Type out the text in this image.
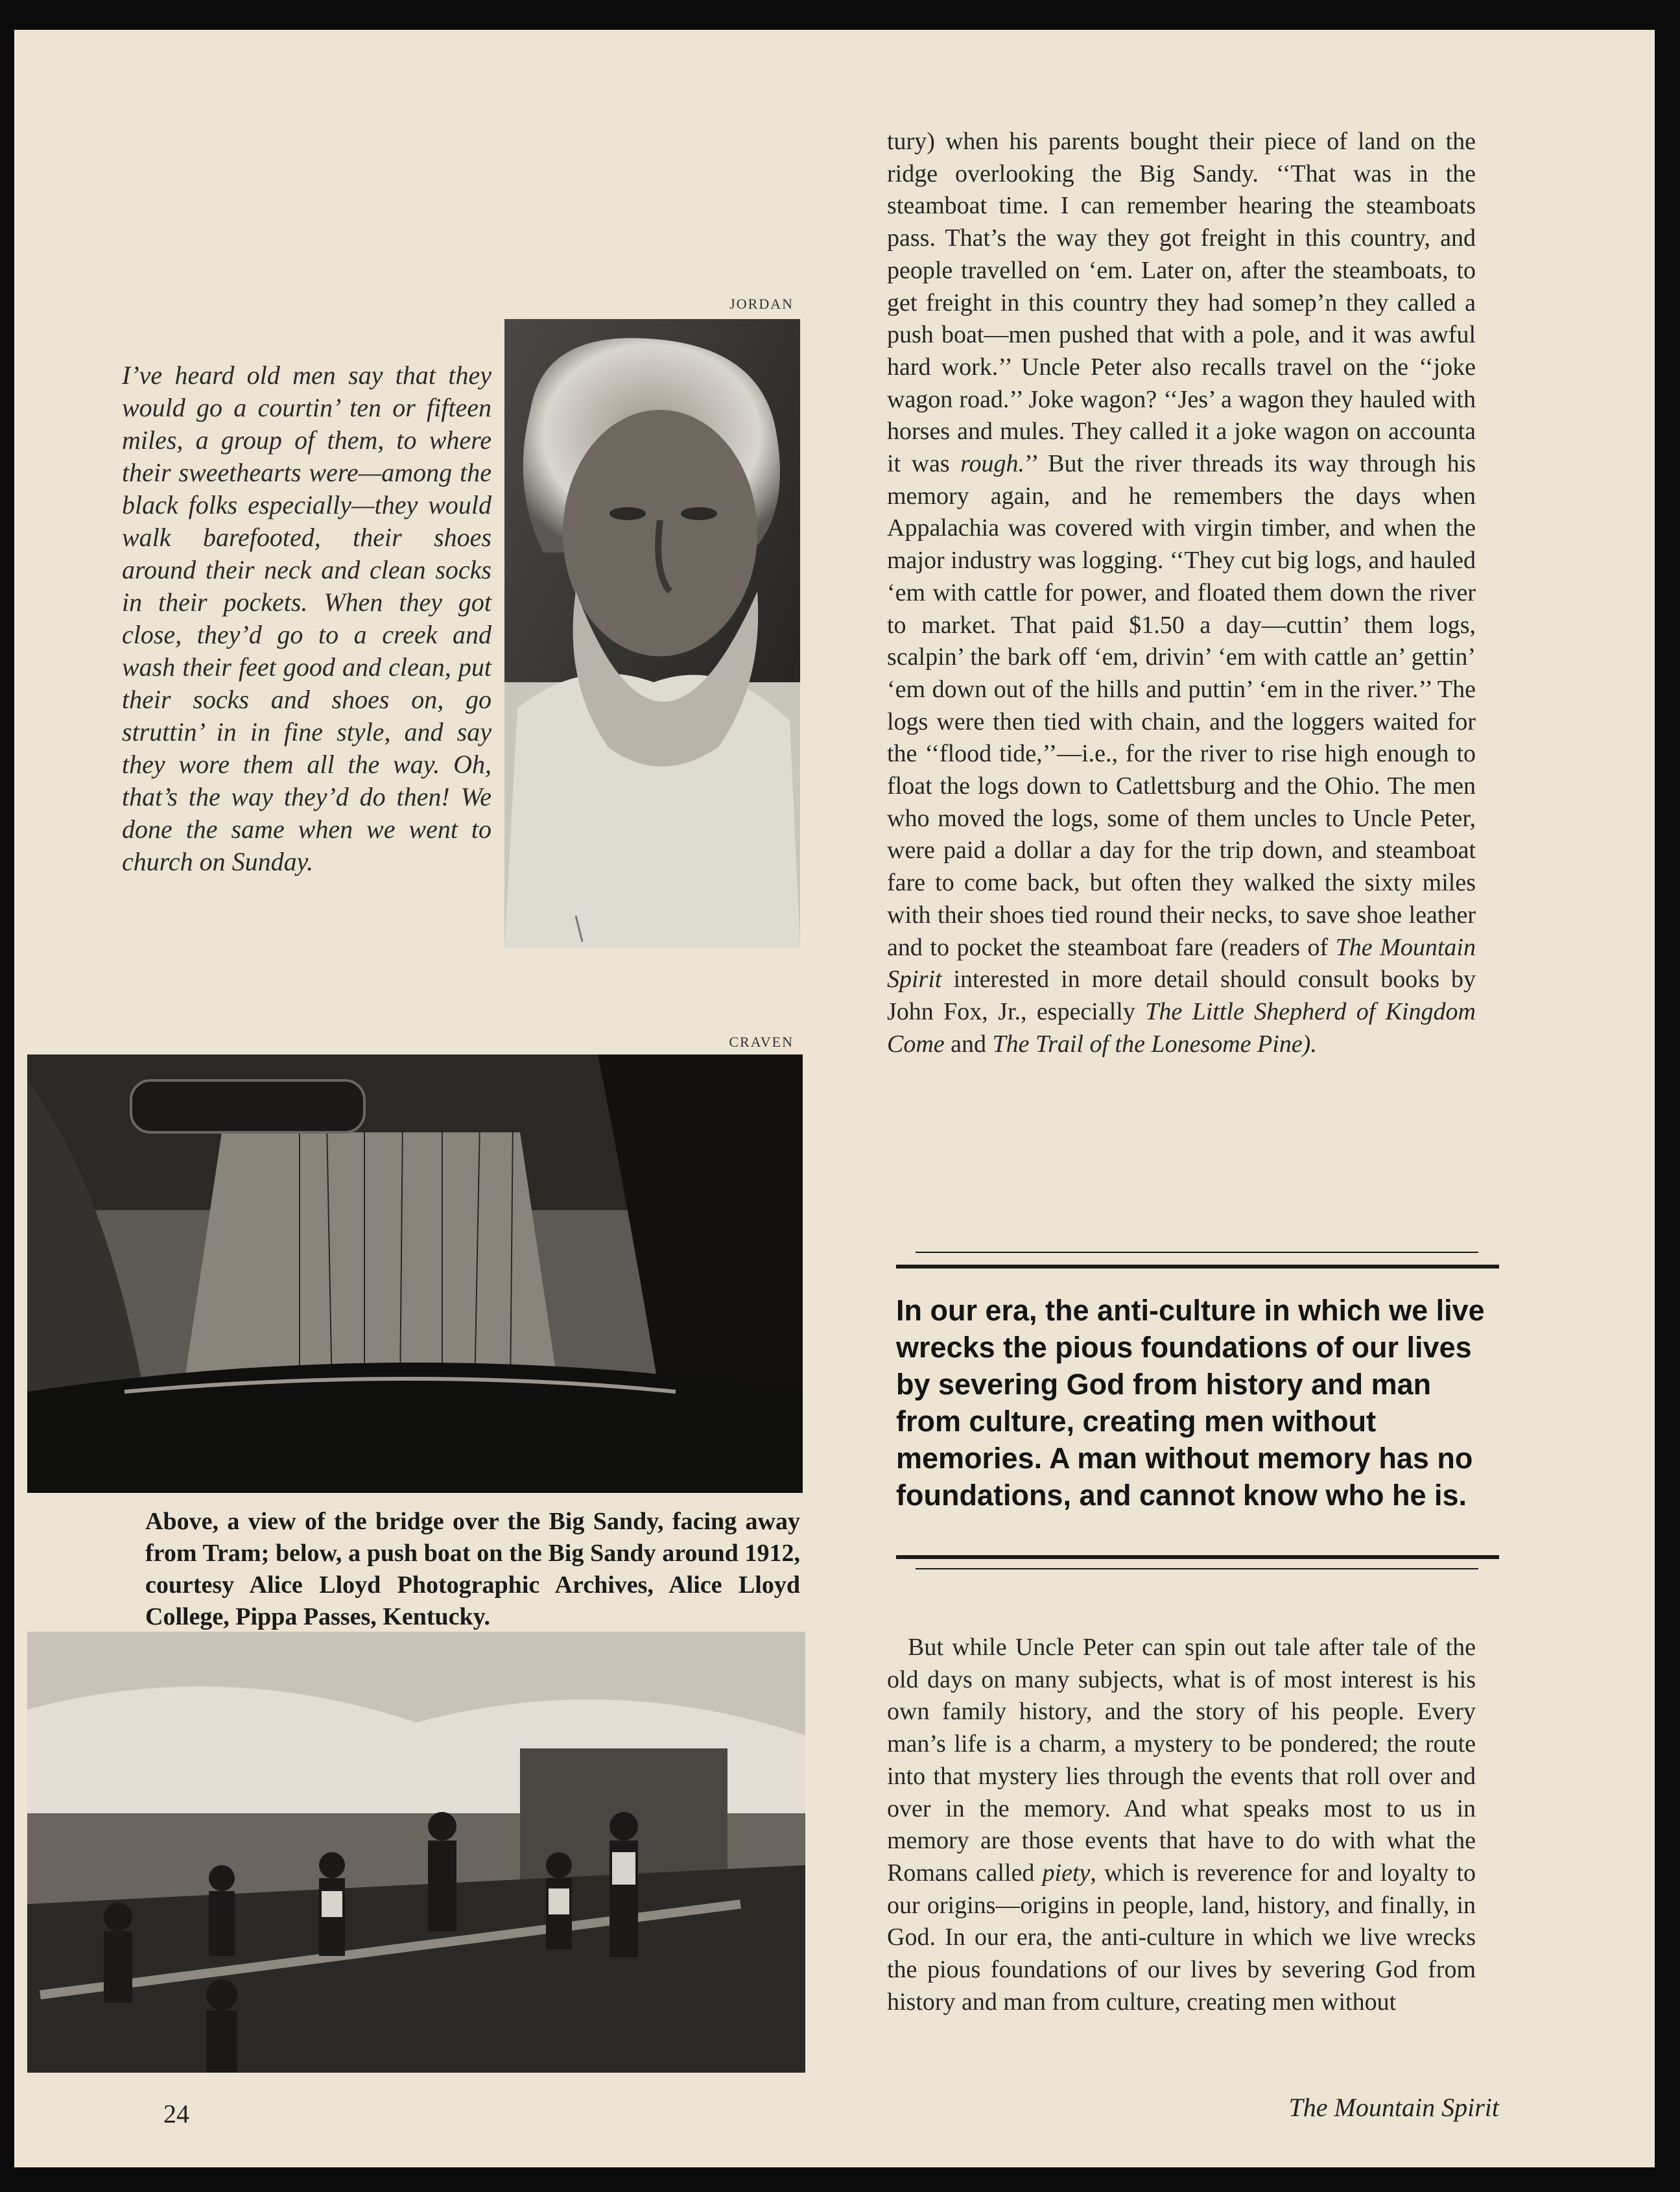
JORDAN

I’ve heard old men say that they would go a courtin’ ten or fifteen miles, a group of them, to where their sweethearts were—among the black folks especially—they would walk barefooted, their shoes around their neck and clean socks in their pockets. When they got close, they’d go to a creek and wash their feet good and clean, put their socks and shoes on, go struttin’ in in fine style, and say they wore them all the way. Oh, that’s the way they’d do then! We done the same when we went to church on Sunday.

CRAVEN

Above, a view of the bridge over the Big Sandy, facing away from Tram; below, a push boat on the Big Sandy around 1912, courtesy Alice Lloyd Photographic Archives, Alice Lloyd College, Pippa Passes, Kentucky.

tury) when his parents bought their piece of land on the ridge overlooking the Big Sandy. ‘‘That was in the steamboat time. I can remember hearing the steamboats pass. That’s the way they got freight in this country, and people travelled on ‘em. Later on, after the steamboats, to get freight in this country they had somep’n they called a push boat—men pushed that with a pole, and it was awful hard work.’’ Uncle Peter also recalls travel on the ‘‘joke wagon road.’’ Joke wagon? ‘‘Jes’ a wagon they hauled with horses and mules. They called it a joke wagon on accounta it was rough.’’ But the river threads its way through his memory again, and he remembers the days when Appalachia was covered with virgin timber, and when the major industry was logging. ‘‘They cut big logs, and hauled ‘em with cattle for power, and floated them down the river to market. That paid $1.50 a day—cuttin’ them logs, scalpin’ the bark off ‘em, drivin’ ‘em with cattle an’ gettin’ ‘em down out of the hills and puttin’ ‘em in the river.’’ The logs were then tied with chain, and the loggers waited for the ‘‘flood tide,’’—i.e., for the river to rise high enough to float the logs down to Catlettsburg and the Ohio. The men who moved the logs, some of them uncles to Uncle Peter, were paid a dollar a day for the trip down, and steamboat fare to come back, but often they walked the sixty miles with their shoes tied round their necks, to save shoe leather and to pocket the steamboat fare (readers of The Mountain Spirit interested in more detail should consult books by John Fox, Jr., especially The Little Shepherd of Kingdom Come and The Trail of the Lonesome Pine).

In our era, the anti-culture in which we live wrecks the pious foundations of our lives by severing God from history and man from culture, creating men without memories. A man without memory has no foundations, and cannot know who he is.

But while Uncle Peter can spin out tale after tale of the old days on many subjects, what is of most interest is his own family history, and the story of his people. Every man’s life is a charm, a mystery to be pondered; the route into that mystery lies through the events that roll over and over in the memory. And what speaks most to us in memory are those events that have to do with what the Romans called piety, which is reverence for and loyalty to our origins—origins in people, land, history, and finally, in God. In our era, the anti-culture in which we live wrecks the pious foundations of our lives by severing God from history and man from culture, creating men without

24	The Mountain Spirit
